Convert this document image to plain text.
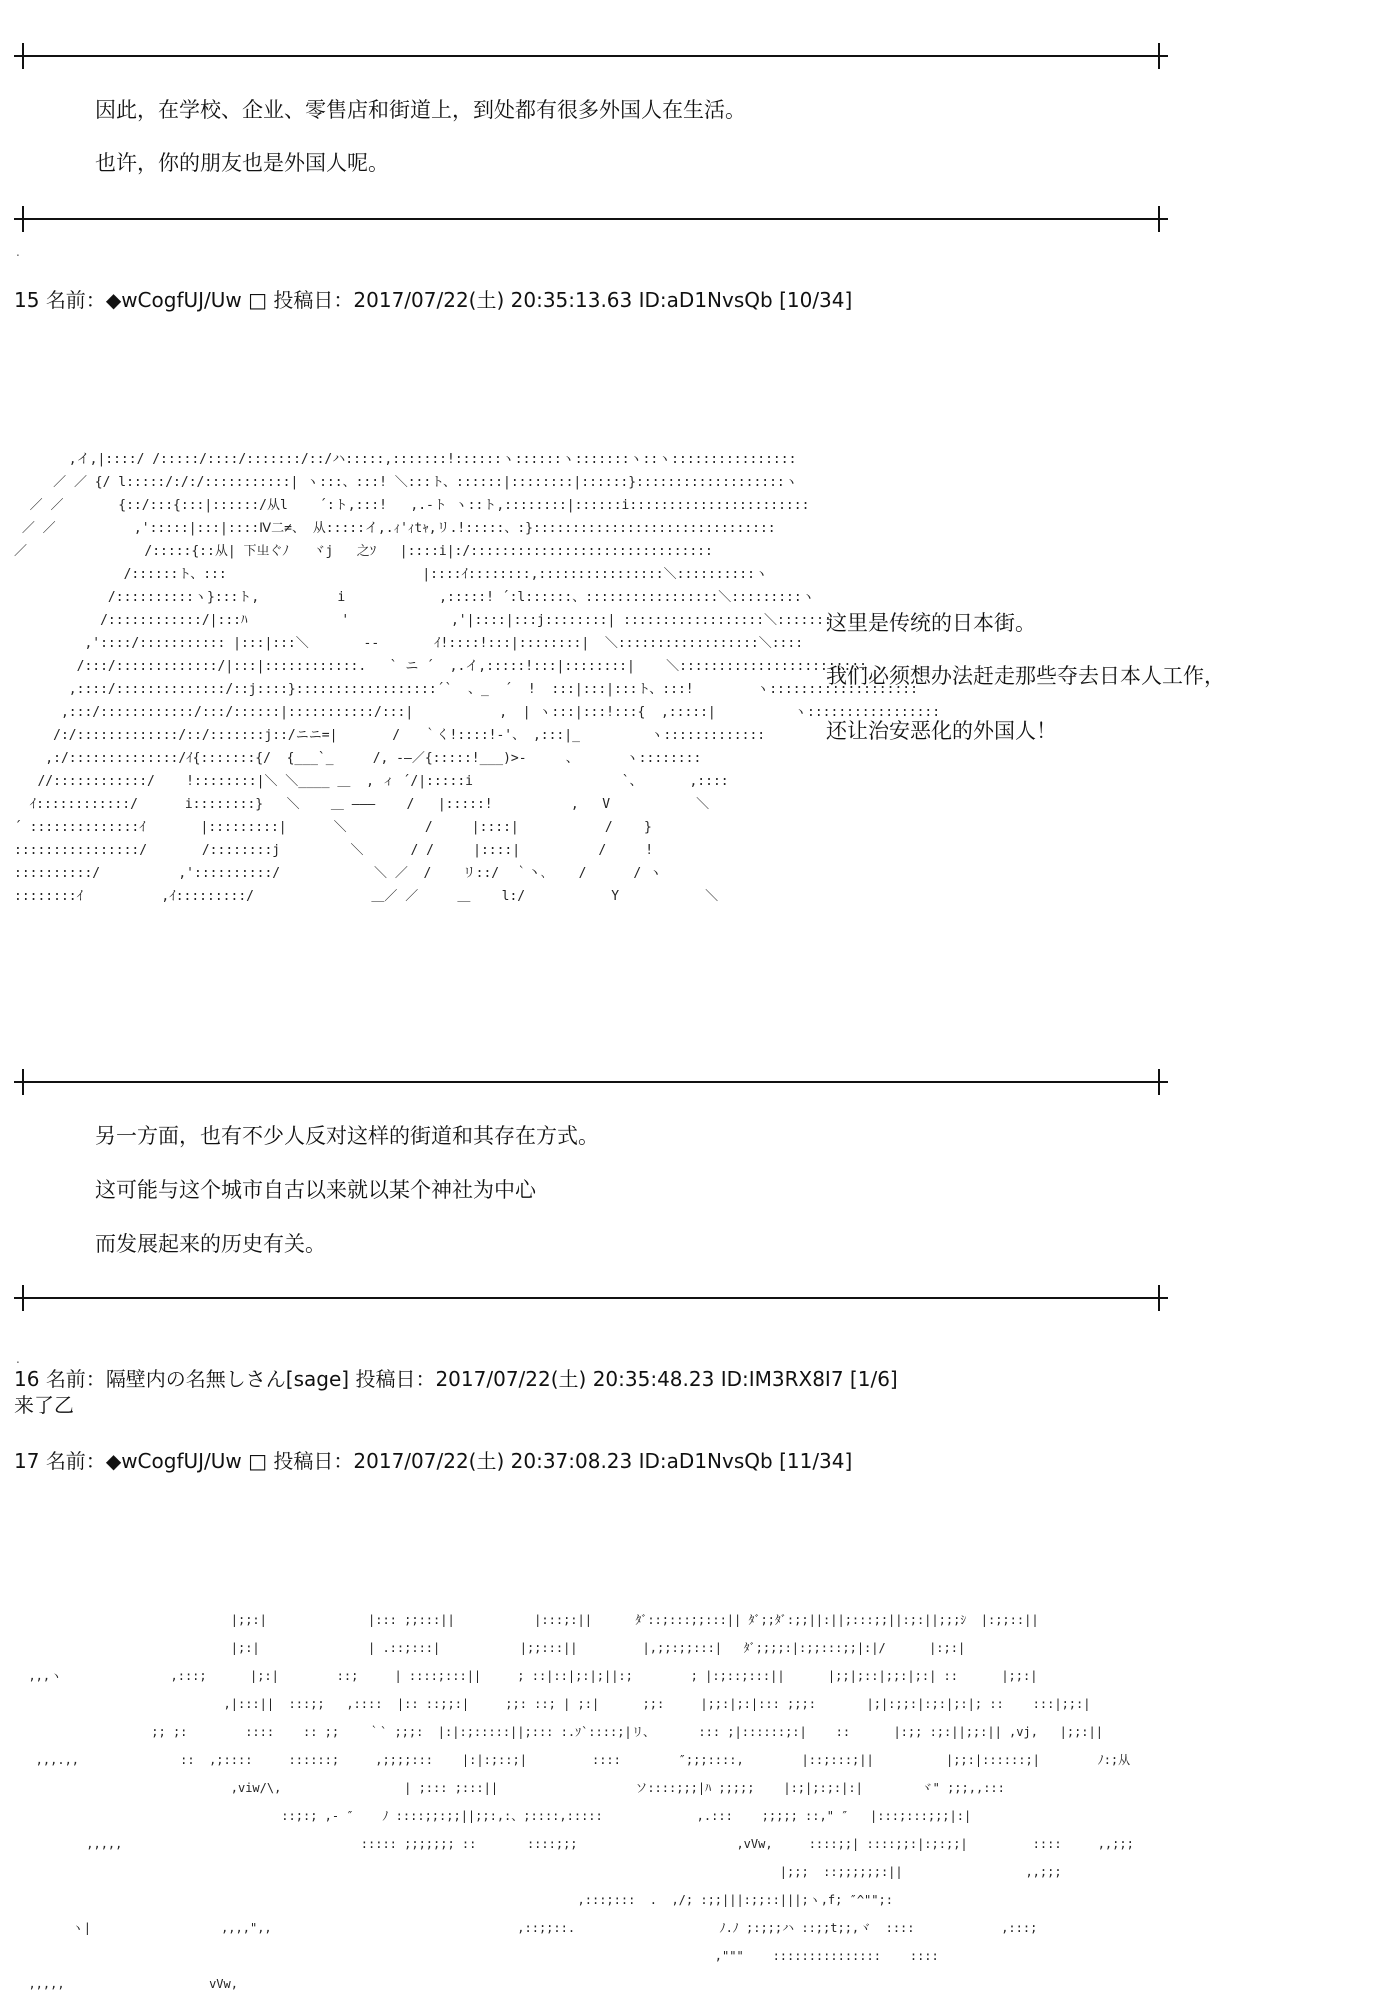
因此，在学校、企业、零售店和街道上，到处都有很多外国人在生活。
也许，你的朋友也是外国人呢。
.
15 名前：◆wCogfUJ/Uw □ 投稿日：2017/07/22(土) 20:35:13.63 ID:aD1NvsQb [10/34]
,イ,|::::/ /:::::/::::/:::::::/::/ハ:::::,:::::::!::::::ヽ::::::ヽ:::::::ヽ::ヽ::::::::::::::::
／ ／ {/ l:::::/:/:/:::::::::::| ヽ:::、:::! ＼:::ト、::::::|::::::::|::::::}:::::::::::::::::::ヽ
／ ／       {::/:::{:::|::::::/从l    ´:ト,:::!   ,.-ト ヽ::ト,::::::::|::::::i:::::::::::::::::::::::
／ ／          ,':::::|:::|::::Ⅳ二≠、 从:::::イ,.ｨ'ｨtｬ,リ.!:::::、:}:::::::::::::::::::::::::::::::
／               /:::::{::从| 下㞢ぐﾉ   ヾj   之ｿ   |::::i|:/:::::::::::::::::::::::::::::::
/::::::ト、:::                         |::::ｲ::::::::,::::::::::::::::＼::::::::::ヽ
/::::::::::ヽ}:::ト,          i            ,:::::! ´:l::::::、:::::::::::::::::＼:::::::::ヽ
/::::::::::::/|:::ﾊ            '             ,'|::::|:::j::::::::| ::::::::::::::::::＼:::::::
,'::::/::::::::::: |:::|:::＼       ‐-       ｲ!::::!:::|::::::::|  ＼::::::::::::::::::＼::::
/:::/:::::::::::::/|:::|::::::::::::.   ` ニ ´  ,.イ,:::::!:::|::::::::|    ＼::::::::::::::::::::::::
,::::/::::::::::::::/::j::::}::::::::::::::::::´`  、_  ´  !  :::|:::|:::ト、:::!        ヽ:::::::::::::::::::
,:::/::::::::::::/:::/::::::|:::::::::::/:::|           ,  | ヽ:::|:::!:::{  ,:::::|          ヽ:::::::::::::::::
/:/:::::::::::::/::/:::::::j::/ニニ=|       /   ｀く!::::!-'、 ,:::|_         ヽ:::::::::::::
,:/::::::::::::::/ｲ{:::::::{/  {___`_     /, ‐―／{:::::!___)>-     、      ヽ::::::::
//::::::::::::/    !::::::::|＼ ＼____ ＿  , ィ ´/|:::::i                   `、      ,::::
ｲ::::::::::::/      i::::::::}   ＼    ＿ ―――    /   |:::::!          ,   V           ＼
´ ::::::::::::::ｲ       |:::::::::|      ＼          /     |::::|           /    }
::::::::::::::::/       /::::::::j         ＼      / /     |::::|          /     !
::::::::::/          ,'::::::::::/            ＼ ／  /    リ::/  ｀丶､    /      / ヽ
::::::::ｲ          ,ｲ:::::::::/               ＿／ ／     ＿    l:/           Y           ＼
这里是传统的日本街。
我们必须想办法赶走那些夺去日本人工作，
还让治安恶化的外国人！
另一方面，也有不少人反对这样的街道和其存在方式。
这可能与这个城市自古以来就以某个神社为中心
而发展起来的历史有关。
.
16 名前：隔壁内の名無しさん[sage] 投稿日：2017/07/22(土) 20:35:48.23 ID:IM3RX8I7 [1/6]
来了乙
17 名前：◆wCogfUJ/Uw □ 投稿日：2017/07/22(土) 20:37:08.23 ID:aD1NvsQb [11/34]
|;;:|              |::: ;;:::||           |:::;:||      ﾀﾞ::;:::;;:::|| ﾀﾞ;;ﾀﾞ:;;||:||;:::;;||:;:||;;;ｼ  |:;;::||
|;:|               | .::;:::|           |;;:::||         |,;;:;;:::|   ﾀﾞ;;;;:|:;;:::;;|:|/      |:;:|
,,,ヽ               ,:::;      |;:|        ::;     | ::::;:::||     ; ::|::|;:|;||:;        ; |:;::;:::||      |;;|;::|;;:|;:| ::      |;;:|
,|:::||  :::;;   ,::::  |:: ::;;:|     ;;: ::; | ;:|      ;;:     |;;:|;:|::: ;;;:       |;|:;;:|:;:|;:|; ::    :::|;;:|
;; ;:        ::::    :: ;;    ｀` ;;;:  |:|:;:::::||;::: :.ｿ`::::;|リ、      ::: ;|::::::;:|    ::      |:;; :;:||;;:|| ,vj,   |;;:||
,,,.,,              ::  ,;::::     ::::::;     ,;;;;:::    |:|:;::;|         ::::        ″;;;::::,        |::;:::;||          |;;:|::::::;|        ﾉ:;从
,viw/\,                 | ;::: ;:::||                   ソ::::;;;|ﾊ ;;;;;    |:;|;:;:|:|        ヾ" ;;;,,:::
::;:; ,‐ ″    ﾉ ::::;;:;;||;;:,:、;::::,:::::             ,.:::    ;;;;; ::," ″   |:::;:::;;;|:|
,,,,,                                 ::::: ;;;;;;; ::       ::::;;;                      ,vVw,     ::::;;| ::::;;:|:;:;;|         ::::     ,,;;;
|;;;  ::;;;;;;:||                 ,,;;;
,:::;:::  .  ,/; :;;|||:;;::|||;ヽ,f; ″^"";:
ヽ|                  ,,,,",,                                  ,::;;::.                    ﾉ.ﾉ ;:;;;ハ ::;;t;;,ヾ  ::::            ,:::;
,"""    :::::::::::::::    ::::
,,,,,                    vVw,
